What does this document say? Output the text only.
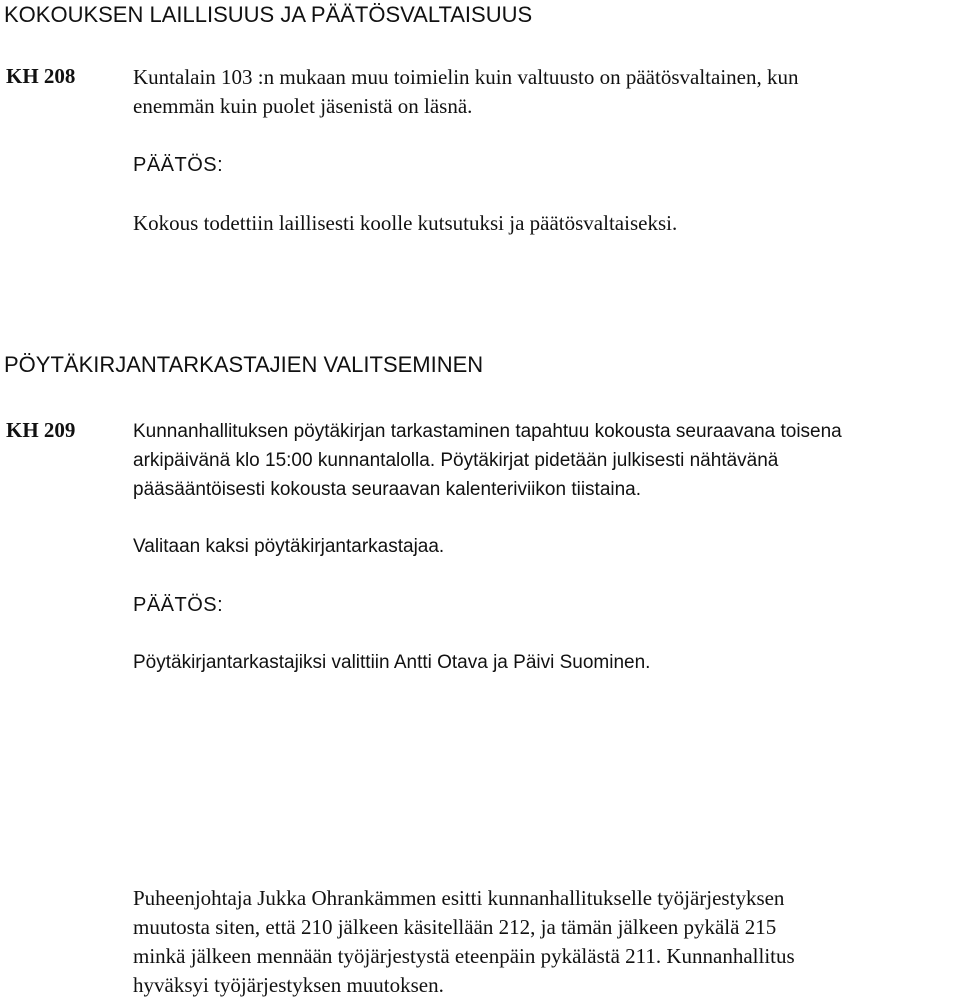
KOKOUKSEN LAILLISUUS JA PÄÄTÖSVALTAISUUS
KH 208	Kuntalain 103 :n mukaan muu toimielin kuin valtuusto on päätösvaltainen, kun
enemmän kuin puolet jäsenistä on läsnä.
PÄÄTÖS:
Kokous todettiin laillisesti koolle kutsutuksi ja päätösvaltaiseksi.
PÖYTÄKIRJANTARKASTAJIEN VALITSEMINEN
KH 209	Kunnanhallituksen pöytäkirjan tarkastaminen tapahtuu kokousta seuraavana toisena
arkipäivänä klo 15:00 kunnantalolla. Pöytäkirjat pidetään julkisesti nähtävänä
pääsääntöisesti kokousta seuraavan kalenteriviikon tiistaina.
Valitaan kaksi pöytäkirjantarkastajaa.
PÄÄTÖS:
Pöytäkirjantarkastajiksi valittiin Antti Otava ja Päivi Suominen.
Puheenjohtaja Jukka Ohrankämmen esitti kunnanhallitukselle työjärjestyksen
muutosta siten, että 210 jälkeen käsitellään 212, ja tämän jälkeen pykälä 215
minkä jälkeen mennään työjärjestystä eteenpäin pykälästä 211. Kunnanhallitus
hyväksyi työjärjestyksen muutoksen.
